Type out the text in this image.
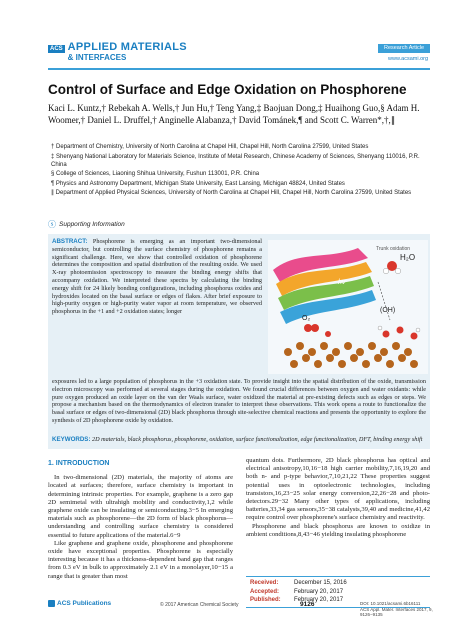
ACS APPLIED MATERIALS
& INTERFACES
Research Article
www.acsami.org
Control of Surface and Edge Oxidation on Phosphorene
Kaci L. Kuntz,† Rebekah A. Wells,† Jun Hu,† Teng Yang,‡ Baojuan Dong,‡ Huaihong Guo,§ Adam H. Woomer,† Daniel L. Druffel,† Anginelle Alabanza,† David Tománek,¶ and Scott C. Warren*,†,∥

† Department of Chemistry, University of North Carolina at Chapel Hill, Chapel Hill, North Carolina 27599, United States

‡ Shenyang National Laboratory for Materials Science, Institute of Metal Research, Chinese Academy of Sciences, Shenyang 110016, P.R. China

§ College of Sciences, Liaoning Shihua University, Fushun 113001, P.R. China

¶ Physics and Astronomy Department, Michigan State University, East Lansing, Michigan 48824, United States

∥ Department of Applied Physical Sciences, University of North Carolina at Chapel Hill, Chapel Hill, North Carolina 27599, United States

ⓢ Supporting Information
ABSTRACT: Phosphorene is emerging as an important two-dimensional semiconductor, but controlling the surface chemistry of phosphorene remains a significant challenge. Here, we show that controlled oxidation of phosphorene determines the composition and spatial distribution of the resulting oxide. We used X-ray photoemission spectroscopy to measure the binding energy shifts that accompany oxidation. We interpreted these spectra by calculating the binding energy shift for 24 likely bonding configurations, including phosphorus oxides and hydroxides located on the basal surface or edges of flakes. After brief exposure to high-purity oxygen or high-purity water vapor at room temperature, we observed phosphorus in the +1 and +2 oxidation states; longer
H₂O
O₂
hν
(OH)
Trunk oxidation
exposures led to a large population of phosphorus in the +3 oxidation state. To provide insight into the spatial distribution of the oxide, transmission electron microscopy was performed at several stages during the oxidation. We found crucial differences between oxygen and water oxidants: while pure oxygen produced an oxide layer on the van der Waals surface, water oxidized the material at pre-existing defects such as edges or steps. We propose a mechanism based on the thermodynamics of electron transfer to interpret these observations. This work opens a route to functionalize the basal surface or edges of two-dimensional (2D) black phosphorus through site-selective chemical reactions and presents the opportunity to explore the synthesis of 2D phosphorene oxide by oxidation.
KEYWORDS: 2D materials, black phosphorus, phosphorene, oxidation, surface functionalization, edge functionalization, DFT, binding energy shift
1. INTRODUCTION

In two-dimensional (2D) materials, the majority of atoms are located at surfaces; therefore, surface chemistry is important in determining intrinsic properties. For example, graphene is a zero gap 2D semimetal with ultrahigh mobility and conductivity,1,2 while graphene oxide can be insulating or semiconducting.3−5 In emerging materials such as phosphorene—the 2D form of black phosphorus—understanding and controlling surface chemistry is considered essential to future applications of the material.6−9

Like graphene and graphene oxide, phosphorene and phosphorene oxide have exceptional properties. Phosphorene is especially interesting because it has a thickness-dependent band gap that ranges from 0.3 eV in bulk to approximately 2.1 eV in a monolayer,10−15 a range that is greater than most

quantum dots. Furthermore, 2D black phosphorus has optical and electrical anisotropy,10,16−18 high carrier mobility,7,16,19,20 and both n- and p-type behavior,7,10,21,22 These properties suggest potential uses in optoelectronic technologies, including transistors,16,23−25 solar energy conversion,22,26−28 and photo-detectors.29−32 Many other types of applications, including batteries,33,34 gas sensors,35−38 catalysts,39,40 and medicine,41,42 require control over phosphorene's surface chemistry and reactivity.

Phosphorene and black phosphorus are known to oxidize in ambient conditions,8,43−46 yielding insulating phosphorene

Received:	December 15, 2016
Accepted:	February 20, 2017
Published:	February 20, 2017
ACS Publications	© 2017 American Chemical Society	9126	DOI: 10.1021/acsami.6b16111
ACS Appl. Mater. Interfaces 2017, 9, 9126−9135
